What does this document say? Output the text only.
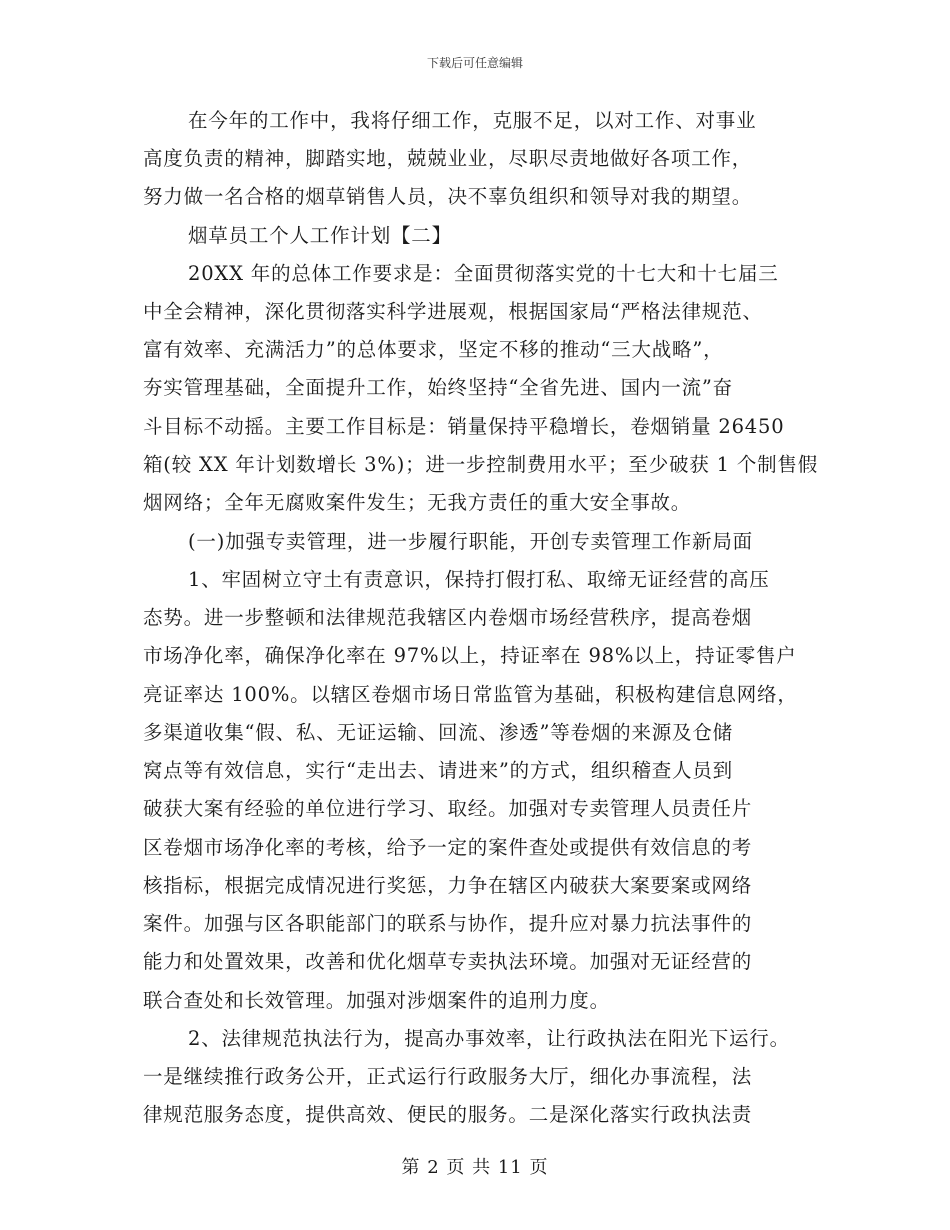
下载后可任意编辑
在今年的工作中，我将仔细工作，克服不足，以对工作、对事业
高度负责的精神，脚踏实地，兢兢业业，尽职尽责地做好各项工作，
努力做一名合格的烟草销售人员，决不辜负组织和领导对我的期望。
烟草员工个人工作计划【二】
20XX 年的总体工作要求是：全面贯彻落实党的十七大和十七届三
中全会精神，深化贯彻落实科学进展观，根据国家局“严格法律规范、
富有效率、充满活力”的总体要求，坚定不移的推动“三大战略”，
夯实管理基础，全面提升工作，始终坚持“全省先进、国内一流”奋
斗目标不动摇。主要工作目标是：销量保持平稳增长，卷烟销量 26450
箱(较 XX 年计划数增长 3%)；进一步控制费用水平；至少破获 1 个制售假
烟网络；全年无腐败案件发生；无我方责任的重大安全事故。
(一)加强专卖管理，进一步履行职能，开创专卖管理工作新局面
1、牢固树立守土有责意识，保持打假打私、取缔无证经营的高压
态势。进一步整顿和法律规范我辖区内卷烟市场经营秩序，提高卷烟
市场净化率，确保净化率在 97%以上，持证率在 98%以上，持证零售户
亮证率达 100%。以辖区卷烟市场日常监管为基础，积极构建信息网络，
多渠道收集“假、私、无证运输、回流、渗透”等卷烟的来源及仓储
窝点等有效信息，实行“走出去、请进来”的方式，组织稽查人员到
破获大案有经验的单位进行学习、取经。加强对专卖管理人员责任片
区卷烟市场净化率的考核，给予一定的案件查处或提供有效信息的考
核指标，根据完成情况进行奖惩，力争在辖区内破获大案要案或网络
案件。加强与区各职能部门的联系与协作，提升应对暴力抗法事件的
能力和处置效果，改善和优化烟草专卖执法环境。加强对无证经营的
联合查处和长效管理。加强对涉烟案件的追刑力度。
2、法律规范执法行为，提高办事效率，让行政执法在阳光下运行。
一是继续推行政务公开，正式运行行政服务大厅，细化办事流程，法
律规范服务态度，提供高效、便民的服务。二是深化落实行政执法责
第 2 页 共 11 页
